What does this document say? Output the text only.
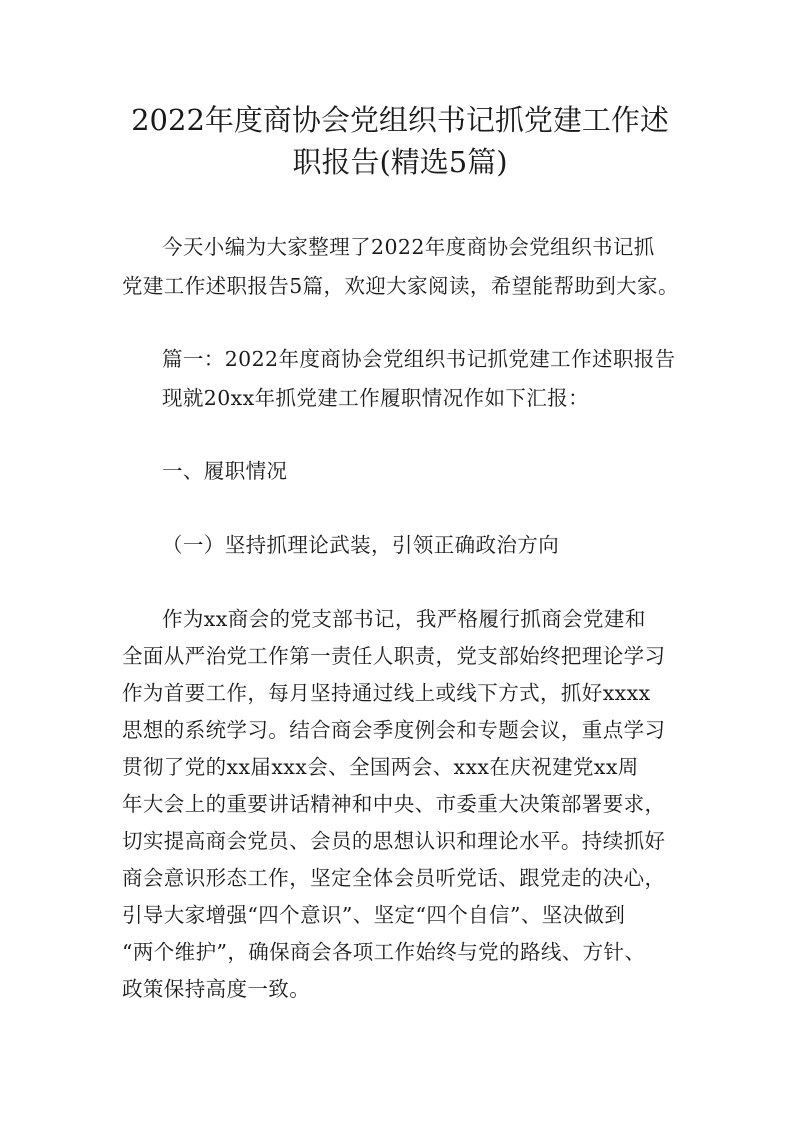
2022年度商协会党组织书记抓党建工作述
职报告(精选5篇)
今天小编为大家整理了2022年度商协会党组织书记抓
党建工作述职报告5篇，欢迎大家阅读，希望能帮助到大家。
篇一：2022年度商协会党组织书记抓党建工作述职报告
现就20xx年抓党建工作履职情况作如下汇报：
一、履职情况
（一）坚持抓理论武装，引领正确政治方向
作为xx商会的党支部书记，我严格履行抓商会党建和
全面从严治党工作第一责任人职责，党支部始终把理论学习
作为首要工作，每月坚持通过线上或线下方式，抓好xxxx
思想的系统学习。结合商会季度例会和专题会议，重点学习
贯彻了党的xx届xxx会、全国两会、xxx在庆祝建党xx周
年大会上的重要讲话精神和中央、市委重大决策部署要求，
切实提高商会党员、会员的思想认识和理论水平。持续抓好
商会意识形态工作，坚定全体会员听党话、跟党走的决心，
引导大家增强“四个意识”、坚定“四个自信”、坚决做到
“两个维护”，确保商会各项工作始终与党的路线、方针、
政策保持高度一致。
